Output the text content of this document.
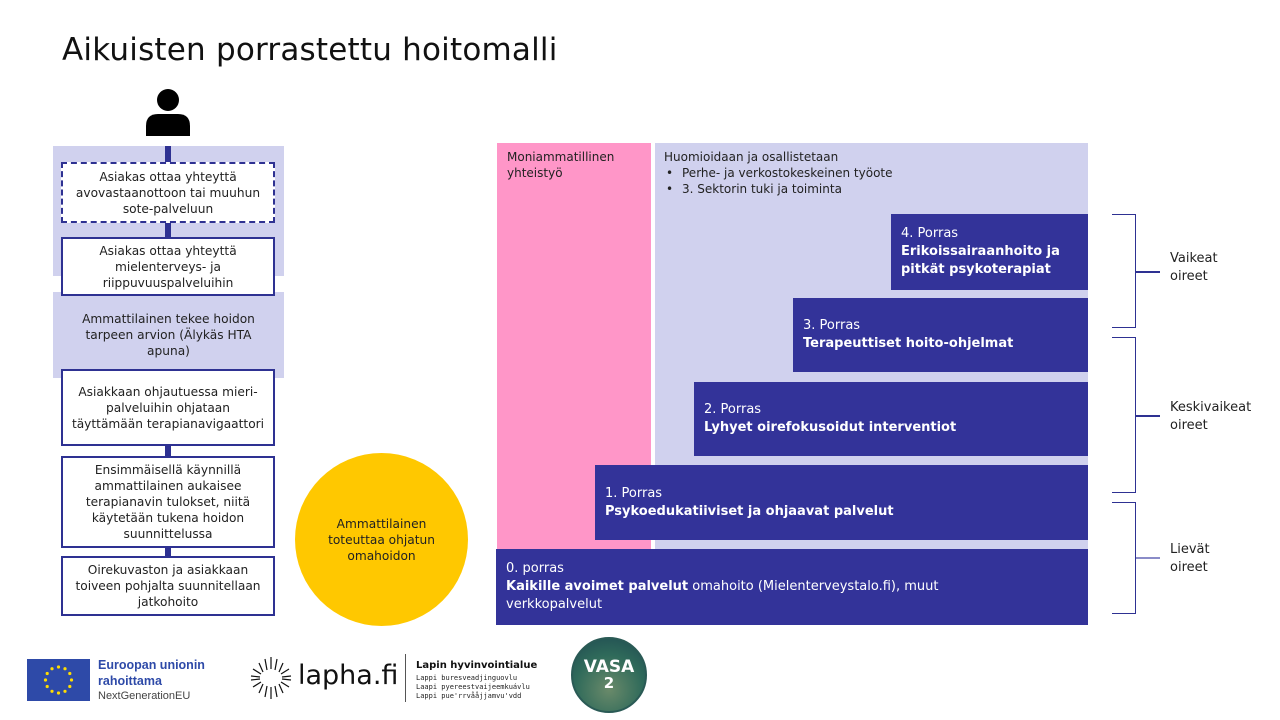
Aikuisten porrastettu hoitomalli
Asiakas ottaa yhteyttä avovastaanottoon tai muuhun sote-palveluun
Asiakas ottaa yhteyttä mielenterveys- ja riippuvuuspalveluihin
Ammattilainen tekee hoidon tarpeen arvion (Älykäs HTA apuna)
Asiakkaan ohjautuessa mieri-palveluihin ohjataan täyttämään terapianavigaattori
Ensimmäisellä käynnillä ammattilainen aukaisee terapianavin tulokset, niitä käytetään tukena hoidon suunnittelussa
Oirekuvaston ja asiakkaan toiveen pohjalta suunnitellaan jatkohoito
Ammattilainen toteuttaa ohjatun omahoidon
Moniammatillinen yhteistyö
Huomioidaan ja osallistetaan
• Perhe- ja verkostokeskeinen työote
• 3. Sektorin tuki ja toiminta
4. Porras
Erikoissairaanhoito ja pitkät psykoterapiat
3. Porras
Terapeuttiset hoito-ohjelmat
2. Porras
Lyhyet oirefokusoidut interventiot
1. Porras
Psykoedukatiiviset ja ohjaavat palvelut
0. porras
Kaikille avoimet palvelut omahoito (Mielenterveystalo.fi), muut verkkopalvelut
Vaikeat
oireet
Keskivaikeat
oireet
Lievät
oireet
Euroopan unionin
rahoittama
NextGenerationEU
lapha.fi Lapin hyvinvointialue
Lappi buresveadjinguovlu
Laapi pyereestvaijeemkuávlu
Lappi pue'rrvååjjamvu'vdd
VASA
2
